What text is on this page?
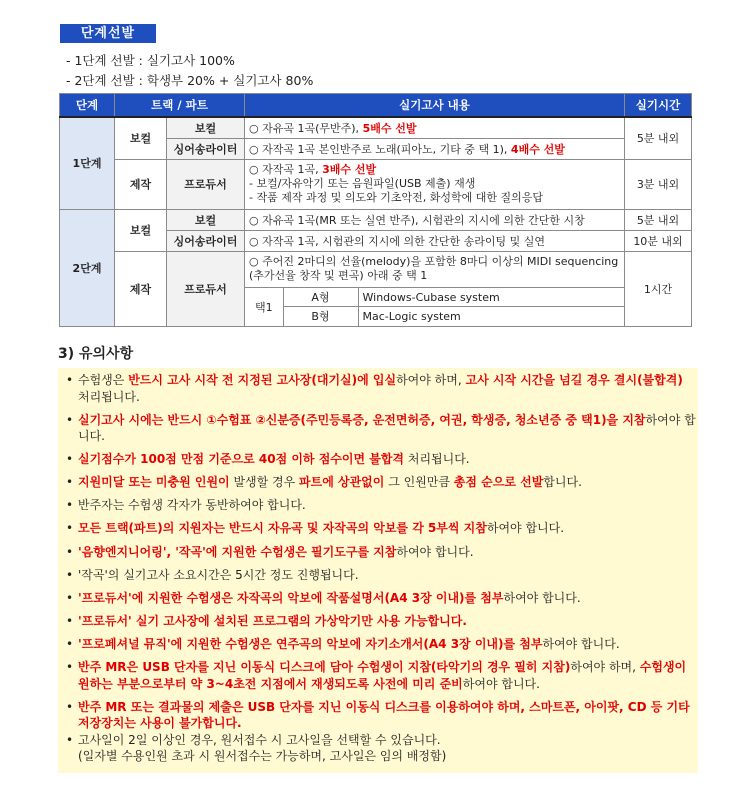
단계선발
- 1단계 선발 : 실기고사 100%
- 2단계 선발 : 학생부 20% + 실기고사 80%
단계	트랙 / 파트	실기고사 내용	실기시간
1단계	보컬	보컬	○ 자유곡 1곡(무반주), 5배수 선발	5분 내외
싱어송라이터	○ 자작곡 1곡 본인반주로 노래(피아노, 기타 중 택 1), 4배수 선발
제작	프로듀서	
○ 자작곡 1곡, 3배수 선발
- 보컬/자유악기 또는 음원파일(USB 제출) 재생
- 작품 제작 과정 및 의도와 기초악전, 화성학에 대한 질의응답
	3분 내외
2단계	보컬	보컬	○ 자유곡 1곡(MR 또는 실연 반주), 시험관의 지시에 의한 간단한 시창	5분 내외
싱어송라이터	○ 자작곡 1곡, 시험관의 지시에 의한 간단한 송라이팅 및 실연	10분 내외
제작	프로듀서	
○ 주어진 2마디의 선율(melody)을 포함한 8마디 이상의 MIDI sequencing
(추가선율 창작 및 편곡) 아래 중 택 1
	1시간

택1	A형	Windows-Cubase system
B형	Mac-Logic system
3) 유의사항
• 수험생은 반드시 고사 시작 전 지정된 고사장(대기실)에 입실하여야 하며, 고사 시작 시간을 넘길 경우 결시(불합격) 처리됩니다.
• 실기고사 시에는 반드시 ①수험표 ②신분증(주민등록증, 운전면허증, 여권, 학생증, 청소년증 중 택1)을 지참하여야 합니다.
• 실기점수가 100점 만점 기준으로 40점 이하 점수이면 불합격 처리됩니다.
• 지원미달 또는 미충원 인원이 발생할 경우 파트에 상관없이 그 인원만큼 총점 순으로 선발합니다.
• 반주자는 수험생 각자가 동반하여야 합니다.
• 모든 트랙(파트)의 지원자는 반드시 자유곡 및 자작곡의 악보를 각 5부씩 지참하여야 합니다.
• '음향엔지니어링', '작곡'에 지원한 수험생은 필기도구를 지참하여야 합니다.
• '작곡'의 실기고사 소요시간은 5시간 정도 진행됩니다.
• '프로듀서'에 지원한 수험생은 자작곡의 악보에 작품설명서(A4 3장 이내)를 첨부하여야 합니다.
• '프로듀서' 실기 고사장에 설치된 프로그램의 가상악기만 사용 가능합니다.
• '프로페셔널 뮤직'에 지원한 수험생은 연주곡의 악보에 자기소개서(A4 3장 이내)를 첨부하여야 합니다.
• 반주 MR은 USB 단자를 지닌 이동식 디스크에 담아 수험생이 지참(타악기의 경우 필히 지참)하여야 하며, 수험생이 원하는 부분으로부터 약 3~4초전 지점에서 재생되도록 사전에 미리 준비하여야 합니다.
• 반주 MR 또는 결과물의 제출은 USB 단자를 지닌 이동식 디스크를 이용하여야 하며, 스마트폰, 아이팟, CD 등 기타 저장장치는 사용이 불가합니다.
• 고사일이 2일 이상인 경우, 원서접수 시 고사일을 선택할 수 있습니다.
(일자별 수용인원 초과 시 원서접수는 가능하며, 고사일은 임의 배정함)
